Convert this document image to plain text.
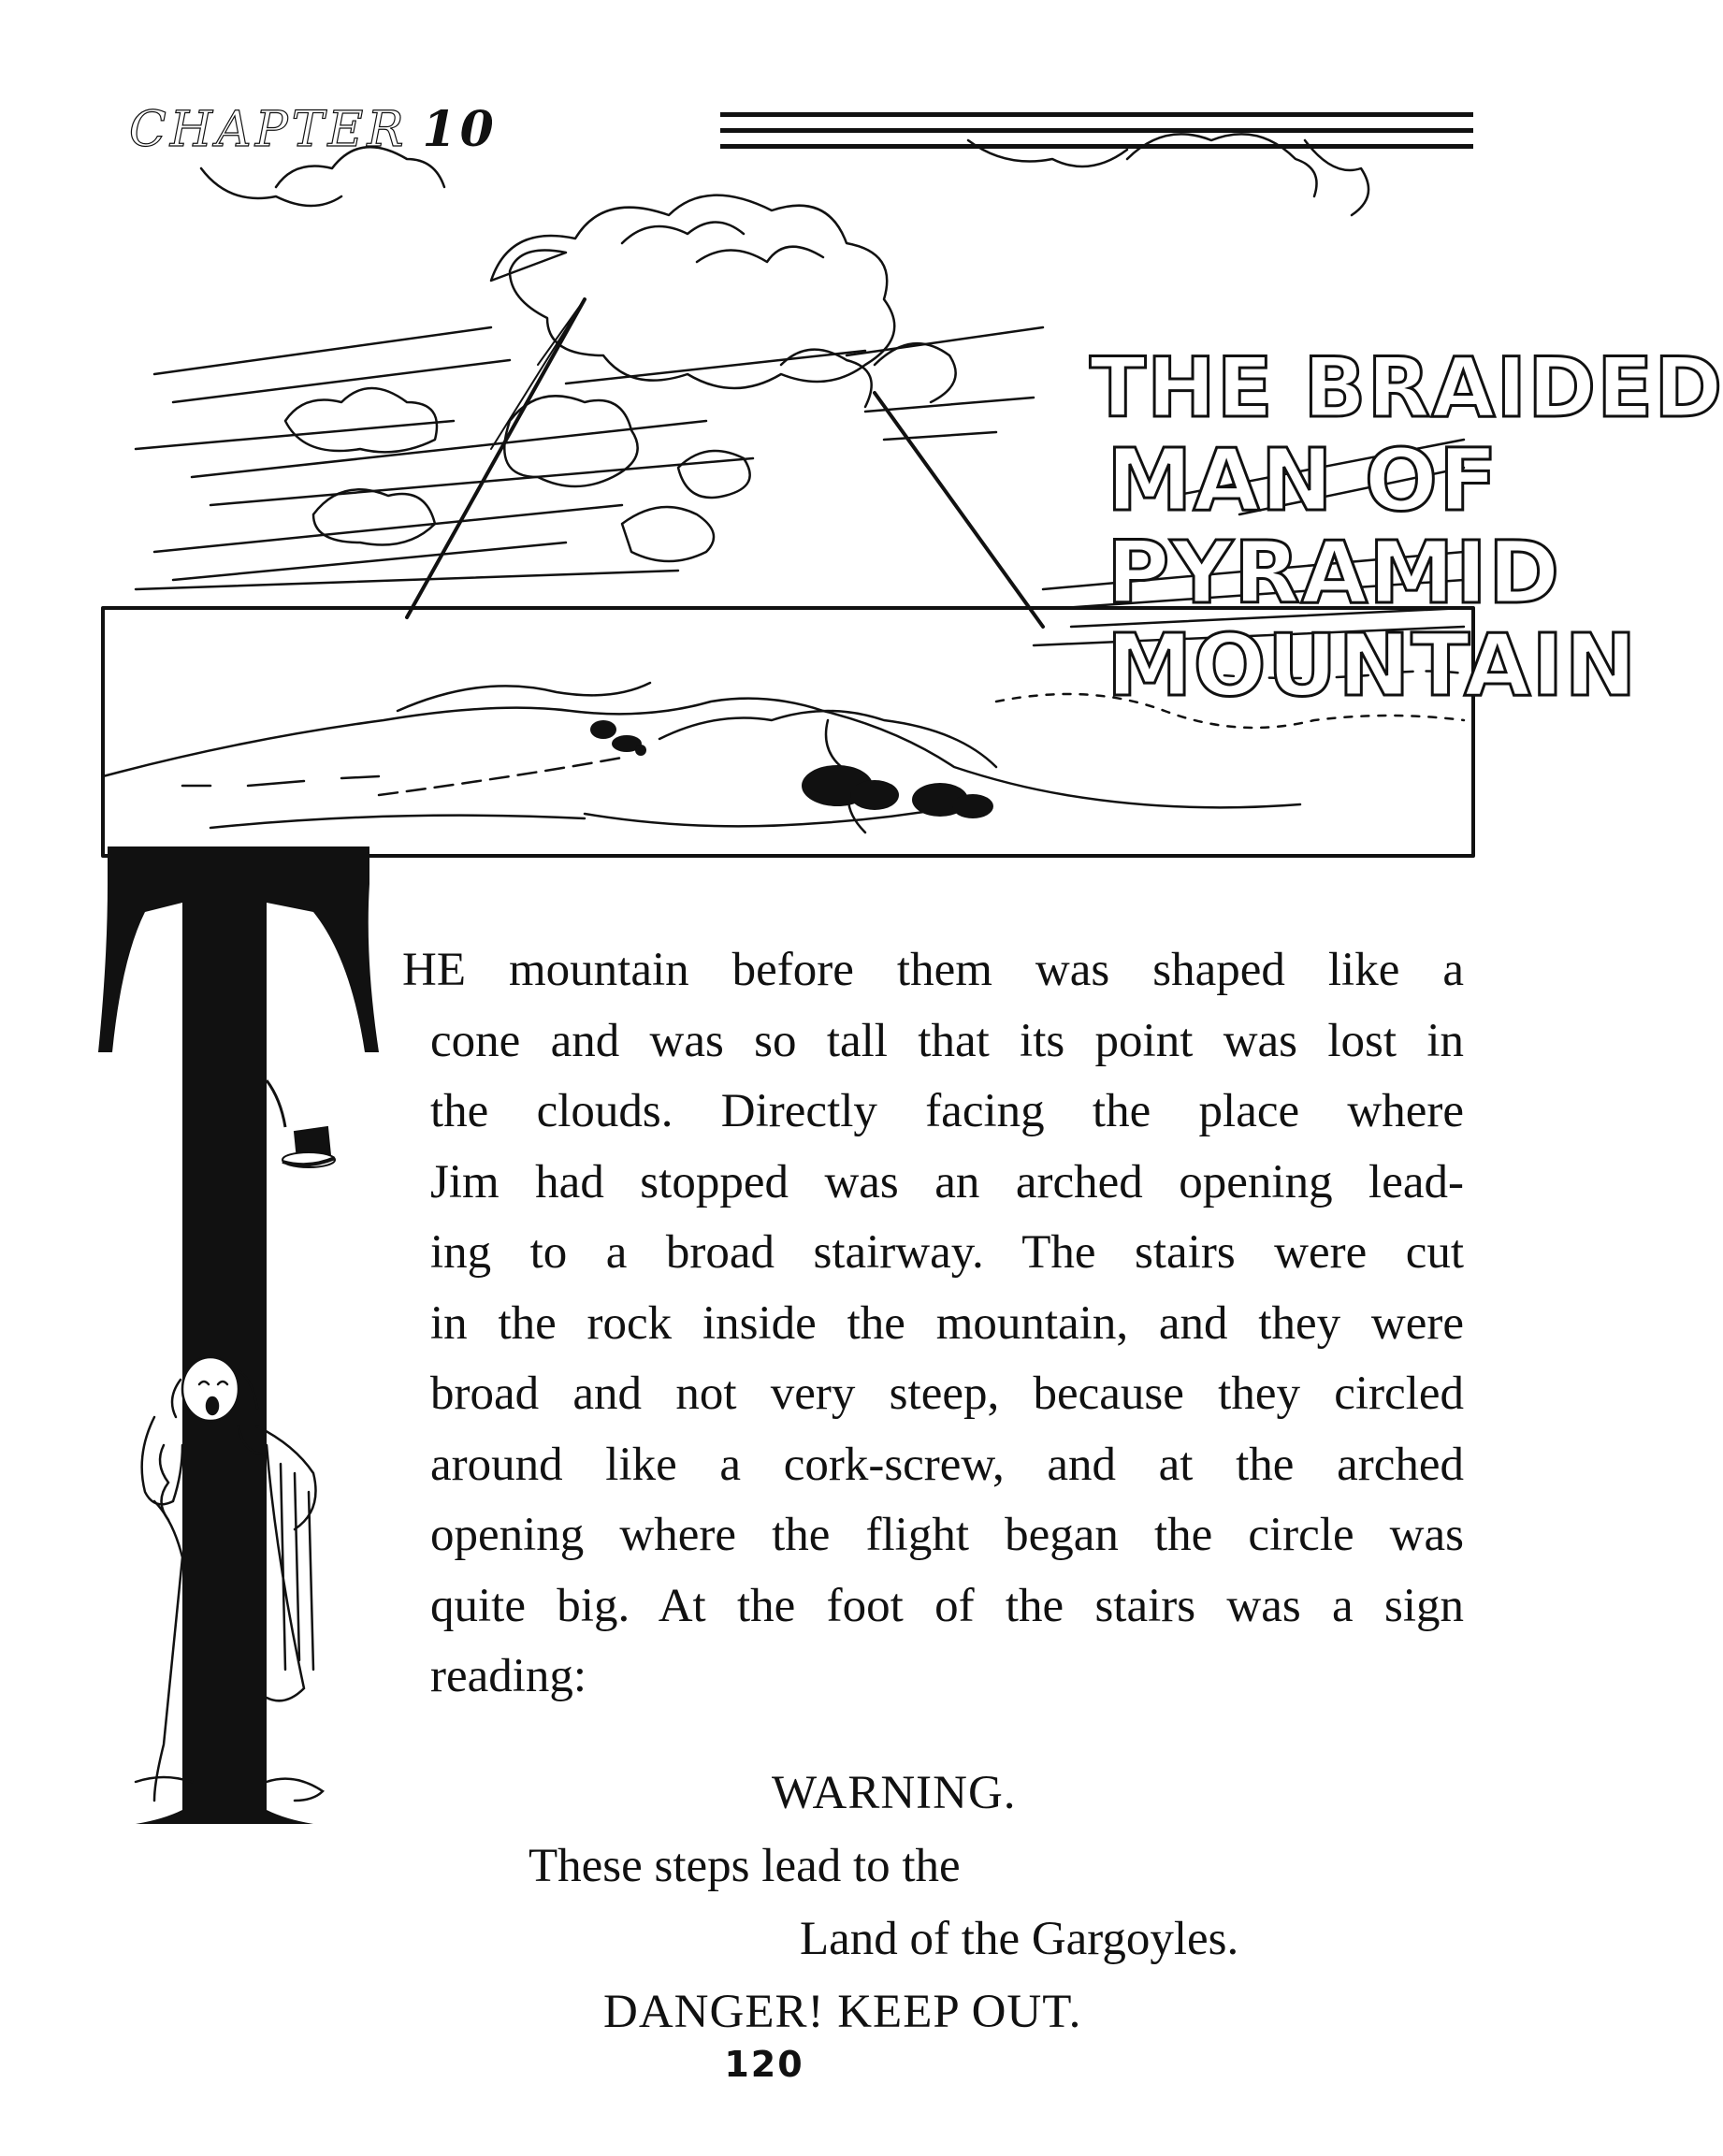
CHAPTER 10
THE BRAIDED
MAN OF
PYRAMID
MOUNTAIN
HE mountain before them was shaped like a
cone and was so tall that its point was lost in
the clouds. Directly facing the place where
Jim had stopped was an arched opening lead-
ing to a broad stairway. The stairs were cut
in the rock inside the mountain, and they were
broad and not very steep, because they circled
around like a cork-screw, and at the arched
opening where the flight began the circle was
quite big. At the foot of the stairs was a sign
reading:
WARNING.
These steps lead to the
Land of the Gargoyles.
DANGER! KEEP OUT.
120
